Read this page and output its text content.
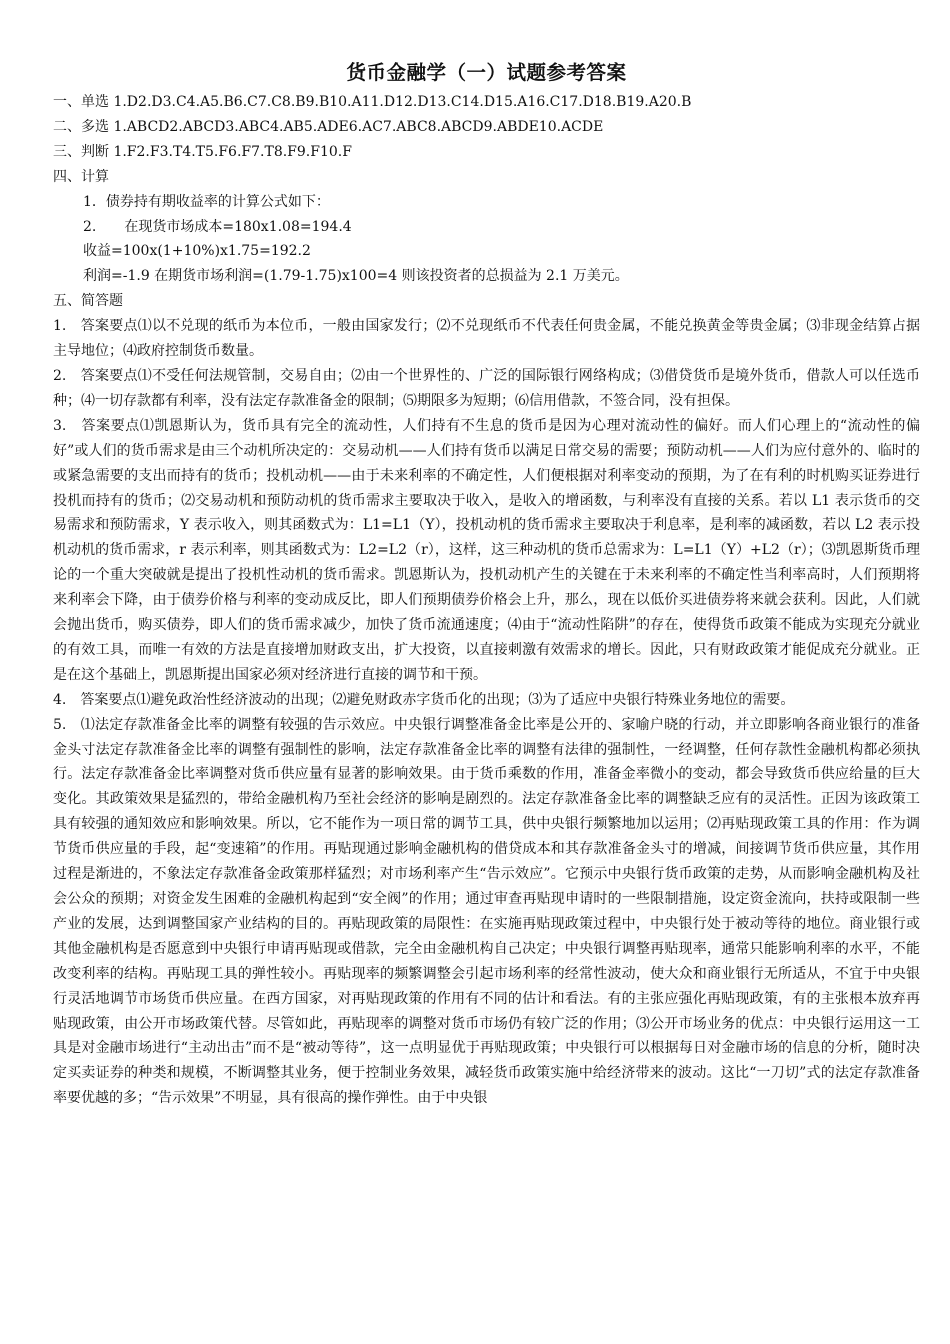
货币金融学（一）试题参考答案
一、单选 1.D2.D3.C4.A5.B6.C7.C8.B9.B10.A11.D12.D13.C14.D15.A16.C17.D18.B19.A20.B
二、多选 1.ABCD2.ABCD3.ABC4.AB5.ADE6.AC7.ABC8.ABCD9.ABDE10.ACDE
三、判断 1.F2.F3.T4.T5.F6.F7.T8.F9.F10.F
四、计算
1．债券持有期收益率的计算公式如下：
2.　　在现货市场成本=180x1.08=194.4
收益=100x(1+10%)x1.75=192.2
利润=-1.9 在期货市场利润=(1.79-1.75)x100=4 则该投资者的总损益为 2.1 万美元。
五、简答题

1.　答案要点⑴以不兑现的纸币为本位币，一般由国家发行；⑵不兑现纸币不代表任何贵金属，不能兑换黄金等贵金属；⑶非现金结算占据主导地位；⑷政府控制货币数量。

2.　答案要点⑴不受任何法规管制，交易自由；⑵由一个世界性的、广泛的国际银行网络构成；⑶借贷货币是境外货币，借款人可以任选币种；⑷一切存款都有利率，没有法定存款准备金的限制；⑸期限多为短期；⑹信用借款，不签合同，没有担保。

3.　答案要点⑴凯恩斯认为，货币具有完全的流动性，人们持有不生息的货币是因为心理对流动性的偏好。而人们心理上的“流动性的偏好”或人们的货币需求是由三个动机所决定的：交易动机——人们持有货币以满足日常交易的需要；预防动机——人们为应付意外的、临时的或紧急需要的支出而持有的货币；投机动机——由于未来利率的不确定性，人们便根据对利率变动的预期，为了在有利的时机购买证券进行投机而持有的货币；⑵交易动机和预防动机的货币需求主要取决于收入，是收入的增函数，与利率没有直接的关系。若以 L1 表示货币的交易需求和预防需求，Y 表示收入，则其函数式为：L1=L1（Y），投机动机的货币需求主要取决于利息率，是利率的减函数，若以 L2 表示投机动机的货币需求，r 表示利率，则其函数式为：L2=L2（r），这样，这三种动机的货币总需求为：L=L1（Y）+L2（r）；⑶凯恩斯货币理论的一个重大突破就是提出了投机性动机的货币需求。凯恩斯认为，投机动机产生的关键在于未来利率的不确定性当利率高时，人们预期将来利率会下降，由于债券价格与利率的变动成反比，即人们预期债券价格会上升，那么，现在以低价买进债券将来就会获利。因此，人们就会抛出货币，购买债券，即人们的货币需求减少，加快了货币流通速度；⑷由于“流动性陷阱”的存在，使得货币政策不能成为实现充分就业的有效工具，而唯一有效的方法是直接增加财政支出，扩大投资，以直接刺激有效需求的增长。因此，只有财政政策才能促成充分就业。正是在这个基础上，凯恩斯提出国家必须对经济进行直接的调节和干预。

4.　答案要点⑴避免政治性经济波动的出现；⑵避免财政赤字货币化的出现；⑶为了适应中央银行特殊业务地位的需要。

5.　⑴法定存款准备金比率的调整有较强的告示效应。中央银行调整准备金比率是公开的、家喻户晓的行动，并立即影响各商业银行的准备金头寸法定存款准备金比率的调整有强制性的影响，法定存款准备金比率的调整有法律的强制性，一经调整，任何存款性金融机构都必须执行。法定存款准备金比率调整对货币供应量有显著的影响效果。由于货币乘数的作用，准备金率微小的变动，都会导致货币供应给量的巨大变化。其政策效果是猛烈的，带给金融机构乃至社会经济的影响是剧烈的。法定存款准备金比率的调整缺乏应有的灵活性。正因为该政策工具有较强的通知效应和影响效果。所以，它不能作为一项日常的调节工具，供中央银行频繁地加以运用；⑵再贴现政策工具的作用：作为调节货币供应量的手段，起“变速箱”的作用。再贴现通过影响金融机构的借贷成本和其存款准备金头寸的增减，间接调节货币供应量，其作用过程是渐进的，不象法定存款准备金政策那样猛烈；对市场利率产生“告示效应”。它预示中央银行货币政策的走势，从而影响金融机构及社会公众的预期；对资金发生困难的金融机构起到“安全阀”的作用；通过审查再贴现申请时的一些限制措施，设定资金流向，扶持或限制一些产业的发展，达到调整国家产业结构的目的。再贴现政策的局限性：在实施再贴现政策过程中，中央银行处于被动等待的地位。商业银行或其他金融机构是否愿意到中央银行申请再贴现或借款，完全由金融机构自己决定；中央银行调整再贴现率，通常只能影响利率的水平，不能改变利率的结构。再贴现工具的弹性较小。再贴现率的频繁调整会引起市场利率的经常性波动，使大众和商业银行无所适从，不宜于中央银行灵活地调节市场货币供应量。在西方国家，对再贴现政策的作用有不同的估计和看法。有的主张应强化再贴现政策，有的主张根本放弃再贴现政策，由公开市场政策代替。尽管如此，再贴现率的调整对货币市场仍有较广泛的作用；⑶公开市场业务的优点：中央银行运用这一工具是对金融市场进行“主动出击”而不是“被动等待”，这一点明显优于再贴现政策；中央银行可以根据每日对金融市场的信息的分析，随时决定买卖证券的种类和规模，不断调整其业务，便于控制业务效果，减轻货币政策实施中给经济带来的波动。这比“一刀切”式的法定存款准备率要优越的多；“告示效果”不明显，具有很高的操作弹性。由于中央银
